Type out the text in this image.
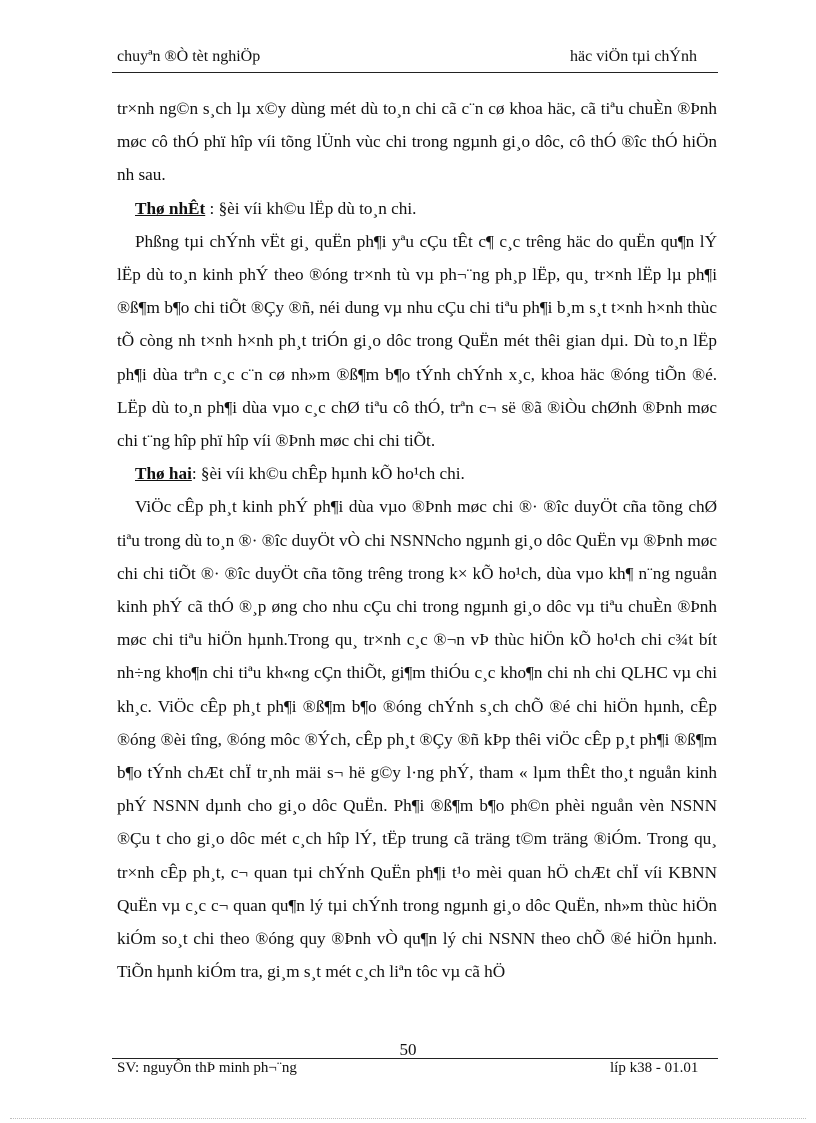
chuyªn ®Ò tèt nghiÖp	häc viÖn tµi chÝnh

tr×nh ng©n s¸ch lµ x©y dùng mét dù to¸n chi cã c¨n cø khoa häc, cã tiªu chuÈn ®Þnh møc cô thÓ phï hîp víi tõng lÜnh vùc chi trong ngµnh gi¸o dôc, cô thÓ ®îc thÓ hiÖn nh sau.

Thø nhÊt : §èi víi kh©u lËp dù to¸n chi.

Phßng tµi chÝnh vËt gi¸ quËn ph¶i yªu cÇu tÊt c¶ c¸c trêng häc do quËn qu¶n lÝ lËp dù to¸n kinh phÝ theo ®óng tr×nh tù vµ ph¬¨ng ph¸p lËp, qu¸ tr×nh lËp lµ ph¶i ®ß¶m b¶o chi tiÕt ®Çy ®ñ, néi dung vµ nhu cÇu chi tiªu ph¶i b¸m s¸t t×nh h×nh thùc tÕ còng nh t×nh h×nh ph¸t triÓn gi¸o dôc trong QuËn mét thêi gian dµi. Dù to¸n lËp ph¶i dùa trªn c¸c c¨n cø nh»m ®ß¶m b¶o tÝnh chÝnh x¸c, khoa häc ®óng tiÕn ®é. LËp dù to¸n ph¶i dùa vµo c¸c chØ tiªu cô thÓ, trªn c¬ së ®ã ®iÒu chØnh ®Þnh møc chi t¨ng hîp phï hîp víi ®Þnh møc chi chi tiÕt.

Thø hai: §èi víi kh©u chÊp hµnh kÕ ho¹ch chi.

ViÖc cÊp ph¸t kinh phÝ ph¶i dùa vµo ®Þnh møc chi ®· ®îc duyÖt cña tõng chØ tiªu trong dù to¸n ®· ®îc duyÖt vÒ chi NSNNcho ngµnh gi¸o dôc QuËn vµ ®Þnh møc chi chi tiÕt ®· ®îc duyÖt cña tõng trêng trong k× kÕ ho¹ch, dùa vµo kh¶ n¨ng nguån kinh phÝ cã thÓ ®¸p øng cho nhu cÇu chi trong ngµnh gi¸o dôc vµ tiªu chuÈn ®Þnh møc chi tiªu hiÖn hµnh.Trong qu¸ tr×nh c¸c ®¬n vÞ thùc hiÖn kÕ ho¹ch chi c¾t bít nh÷ng kho¶n chi tiªu kh«ng cÇn thiÕt, gi¶m thiÓu c¸c kho¶n chi nh chi QLHC vµ chi kh¸c. ViÖc cÊp ph¸t ph¶i ®ß¶m b¶o ®óng chÝnh s¸ch chÕ ®é chi hiÖn hµnh, cÊp ®óng ®èi tîng, ®óng môc ®Ých, cÊp ph¸t ®Çy ®ñ kÞp thêi viÖc cÊp p¸t ph¶i ®ß¶m b¶o tÝnh chÆt chÏ tr¸nh mäi s¬ hë g©y l·ng phÝ, tham « lµm thÊt tho¸t nguån kinh phÝ NSNN dµnh cho gi¸o dôc QuËn. Ph¶i ®ß¶m b¶o ph©n phèi nguån vèn NSNN ®Çu t cho gi¸o dôc mét c¸ch hîp lÝ, tËp trung cã träng t©m träng ®iÓm. Trong qu¸ tr×nh cÊp ph¸t, c¬ quan tµi chÝnh QuËn ph¶i t¹o mèi quan hÖ chÆt chÏ víi KBNN QuËn vµ c¸c c¬ quan qu¶n lý tµi chÝnh trong ngµnh gi¸o dôc QuËn, nh»m thùc hiÖn kiÓm so¸t chi theo ®óng quy ®Þnh vÒ qu¶n lý chi NSNN theo chÕ ®é hiÖn hµnh. TiÕn hµnh kiÓm tra, gi¸m s¸t mét c¸ch liªn tôc vµ cã hÖ

50
SV: nguyÔn thÞ minh ph¬¨ng	líp k38 - 01.01
